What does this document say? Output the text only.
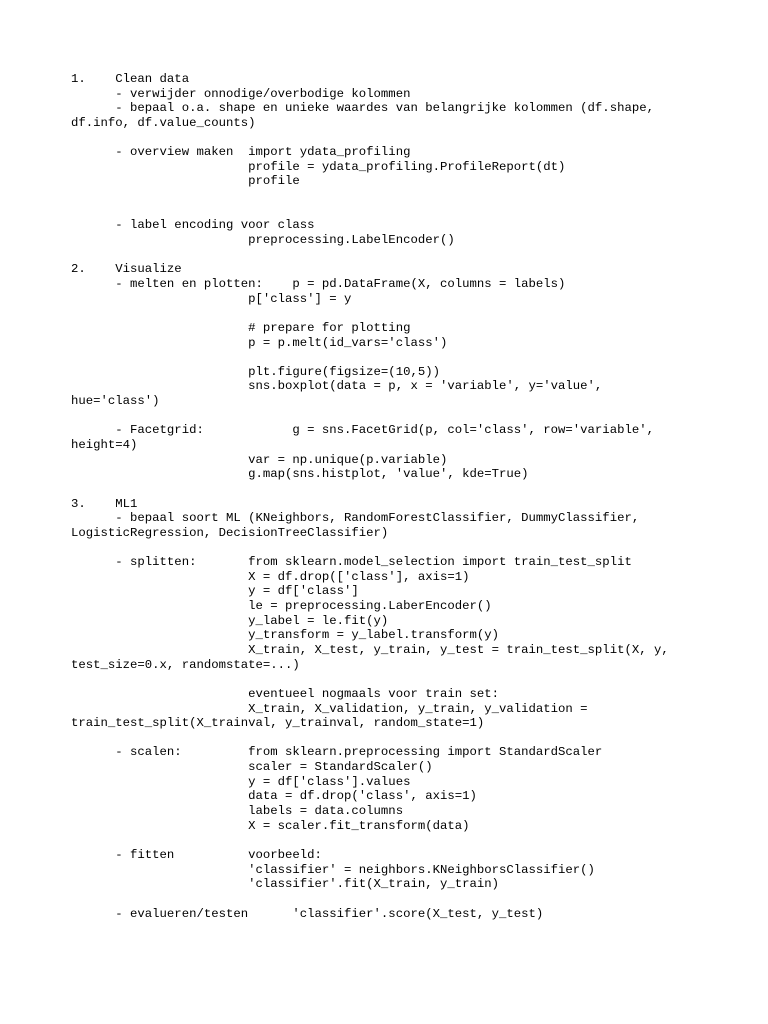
1.    Clean data
- verwijder onnodige/overbodige kolommen
- bepaal o.a. shape en unieke waardes van belangrijke kolommen (df.shape,
df.info, df.value_counts)
- overview maken  import ydata_profiling
profile = ydata_profiling.ProfileReport(dt)
profile
- label encoding voor class
preprocessing.LabelEncoder()
2.    Visualize
- melten en plotten:    p = pd.DataFrame(X, columns = labels)
p['class'] = y
# prepare for plotting
p = p.melt(id_vars='class')
plt.figure(figsize=(10,5))
sns.boxplot(data = p, x = 'variable', y='value',
hue='class')
- Facetgrid:            g = sns.FacetGrid(p, col='class', row='variable',
height=4)
var = np.unique(p.variable)
g.map(sns.histplot, 'value', kde=True)
3.    ML1
- bepaal soort ML (KNeighbors, RandomForestClassifier, DummyClassifier,
LogisticRegression, DecisionTreeClassifier)
- splitten:       from sklearn.model_selection import train_test_split
X = df.drop(['class'], axis=1)
y = df['class']
le = preprocessing.LaberEncoder()
y_label = le.fit(y)
y_transform = y_label.transform(y)
X_train, X_test, y_train, y_test = train_test_split(X, y,
test_size=0.x, randomstate=...)
eventueel nogmaals voor train set:
X_train, X_validation, y_train, y_validation =
train_test_split(X_trainval, y_trainval, random_state=1)
- scalen:         from sklearn.preprocessing import StandardScaler
scaler = StandardScaler()
y = df['class'].values
data = df.drop('class', axis=1)
labels = data.columns
X = scaler.fit_transform(data)
- fitten          voorbeeld:
'classifier' = neighbors.KNeighborsClassifier()
'classifier'.fit(X_train, y_train)
- evalueren/testen      'classifier'.score(X_test, y_test)
